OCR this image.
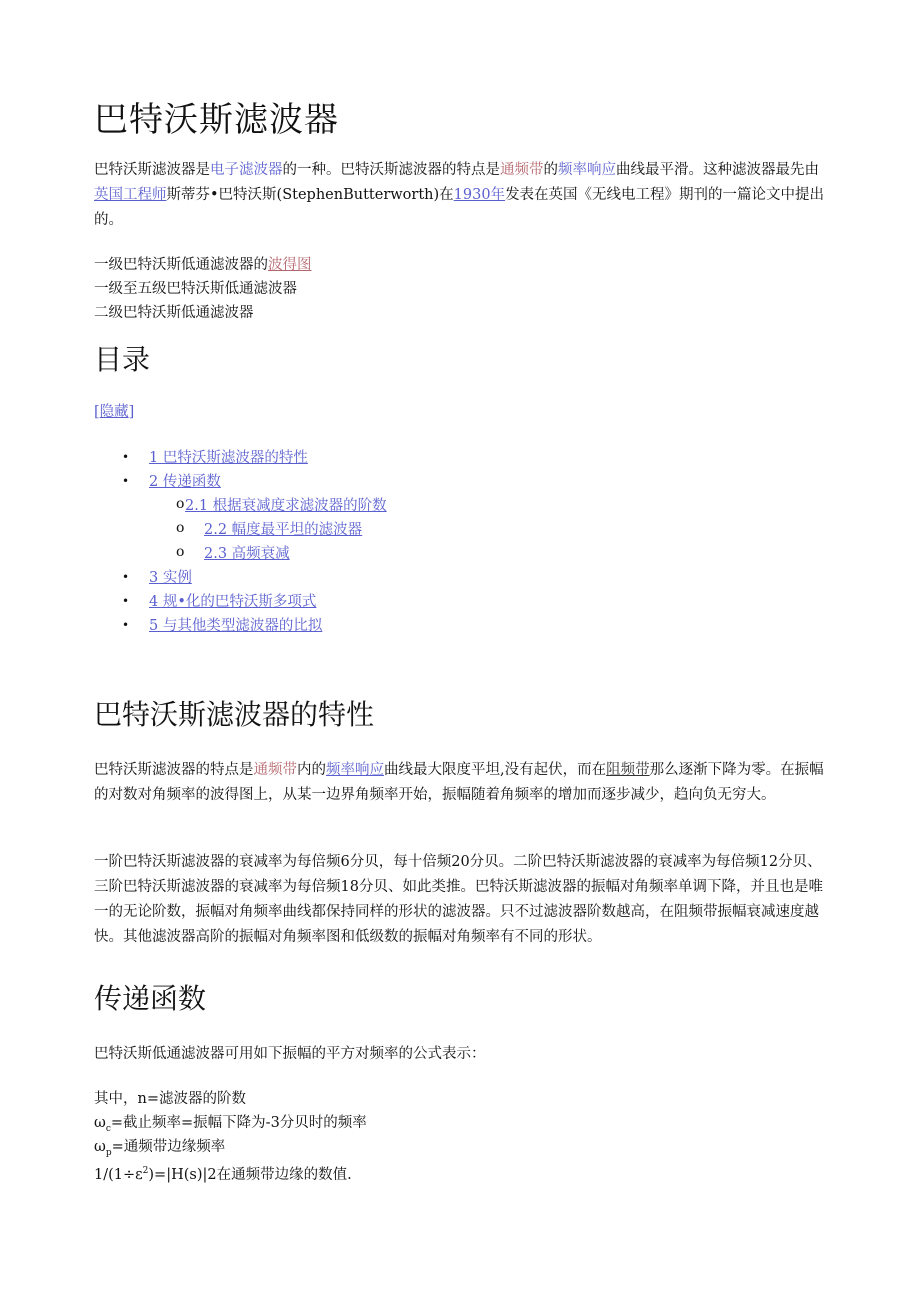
巴特沃斯滤波器

巴特沃斯滤波器是电子滤波器的一种。巴特沃斯滤波器的特点是通频带的频率响应曲线最平滑。这种滤波器最先由英国工程师斯蒂芬•巴特沃斯(StephenButterworth)在1930年发表在英国《无线电工程》期刊的一篇论文中提出的。

一级巴特沃斯低通滤波器的波得图
一级至五级巴特沃斯低通滤波器
二级巴特沃斯低通滤波器
目录
[隐藏]
• 1 巴特沃斯滤波器的特性
• 2 传递函数
o 2.1 根据衰减度求滤波器的阶数
o 2.2 幅度最平坦的滤波器
o 2.3 高频衰减
• 3 实例
• 4 规•化的巴特沃斯多项式
• 5 与其他类型滤波器的比拟
巴特沃斯滤波器的特性

巴特沃斯滤波器的特点是通频带内的频率响应曲线最大限度平坦,没有起伏，而在阻频带那么逐渐下降为零。在振幅的对数对角频率的波得图上，从某一边界角频率开始，振幅随着角频率的增加而逐步减少，趋向负无穷大。

一阶巴特沃斯滤波器的衰减率为每倍频6分贝，每十倍频20分贝。二阶巴特沃斯滤波器的衰减率为每倍频12分贝、三阶巴特沃斯滤波器的衰减率为每倍频18分贝、如此类推。巴特沃斯滤波器的振幅对角频率单调下降，并且也是唯一的无论阶数，振幅对角频率曲线都保持同样的形状的滤波器。只不过滤波器阶数越高，在阻频带振幅衰减速度越快。其他滤波器高阶的振幅对角频率图和低级数的振幅对角频率有不同的形状。

传递函数
巴特沃斯低通滤波器可用如下振幅的平方对频率的公式表示：
其中，n=滤波器的阶数
$\omega_c=$截止频率=振幅下降为-3分贝时的频率
$\omega_p=$通频带边缘频率
$1/(1\div\varepsilon^2)=|H(s)|2$在通频带边缘的数值.
